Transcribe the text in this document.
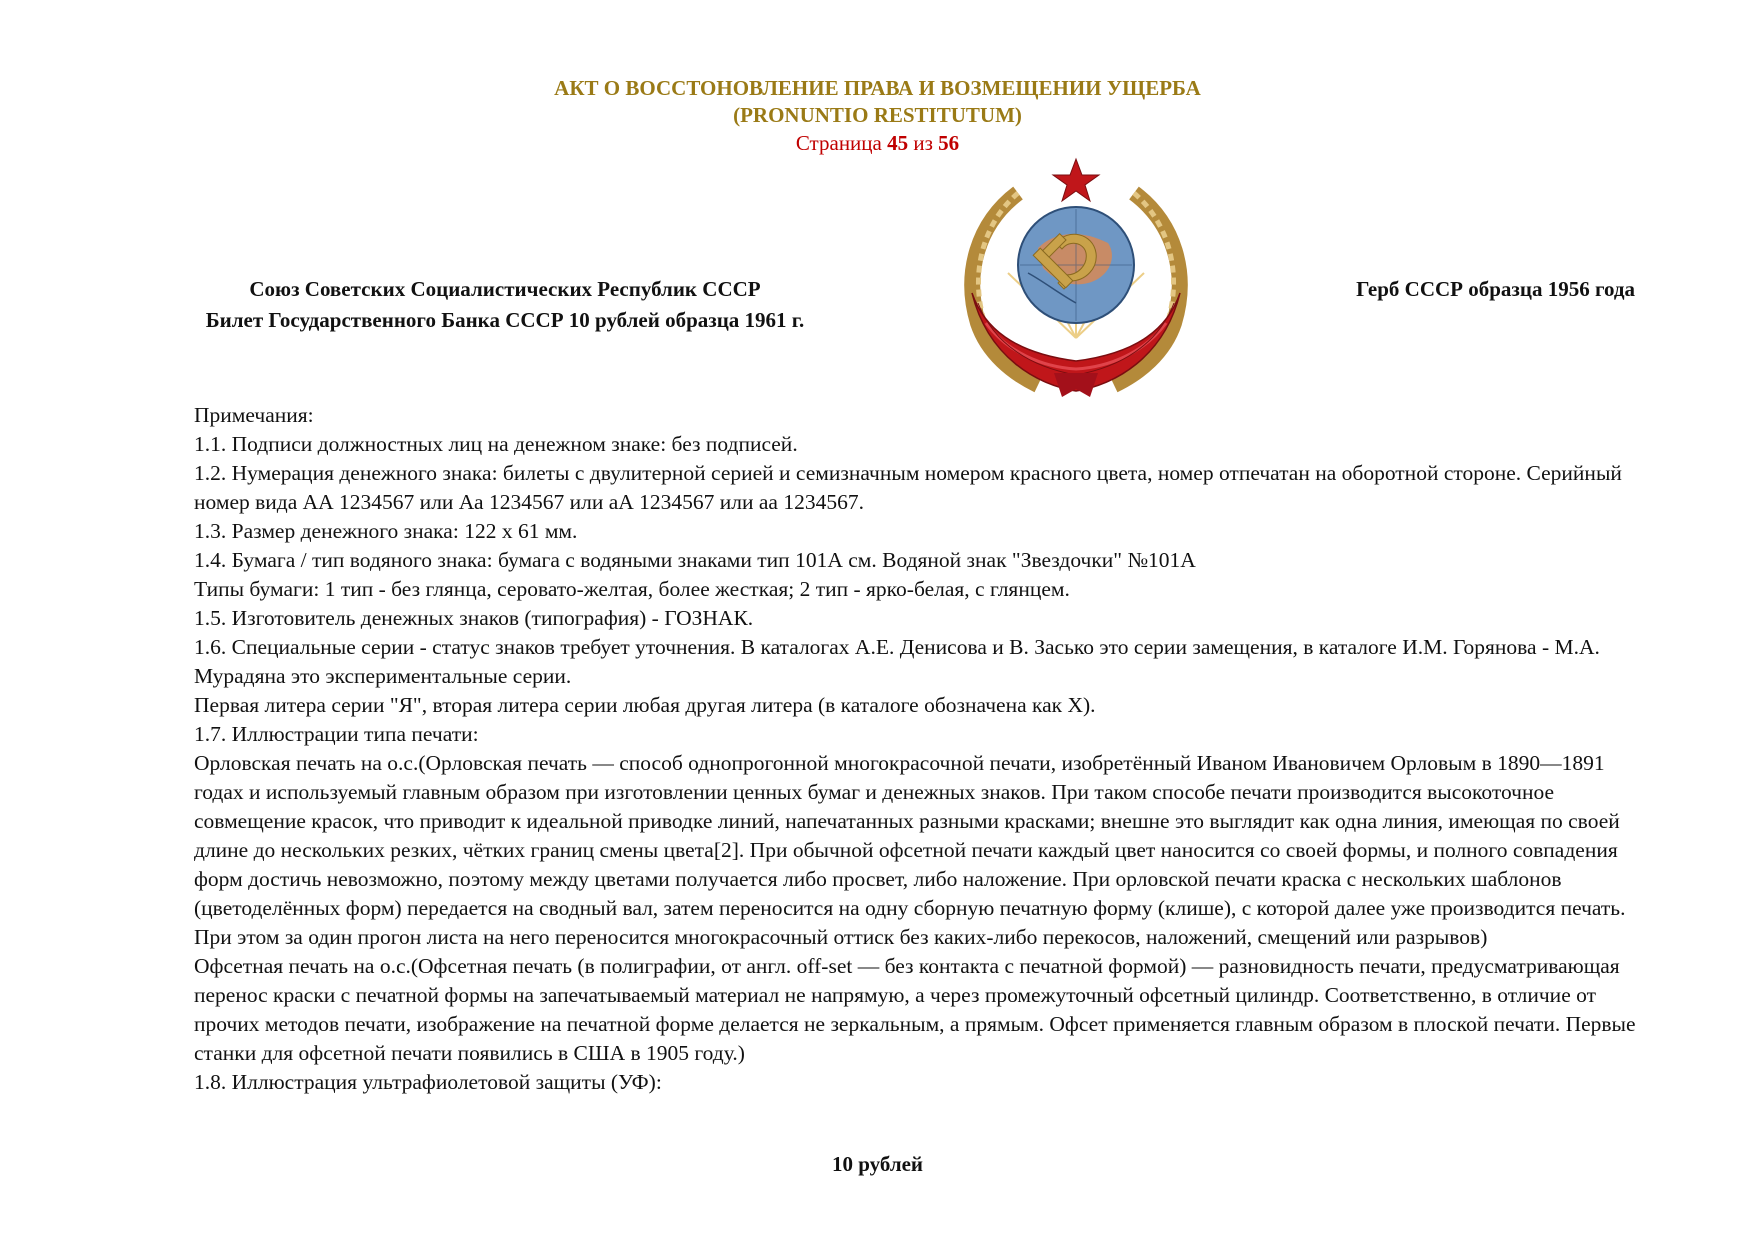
АКТ О ВОССТОНОВЛЕНИЕ ПРАВА И ВОЗМЕЩЕНИИ УЩЕРБА
(PRONUNTIO RESTITUTUM)
Страница 45 из 56
Союз Советских Социалистических Республик СССР
Билет Государственного Банка СССР 10 рублей образца 1961 г.
Герб СССР образца 1956 года
Примечания:
1.1. Подписи должностных лиц на денежном знаке: без подписей.
1.2. Нумерация денежного знака: билеты с двулитерной серией и семизначным номером красного цвета, номер отпечатан на оборотной стороне. Серийный номер вида АА 1234567 или Аа 1234567 или аА 1234567 или аа 1234567.
1.3. Размер денежного знака: 122 x 61 мм.
1.4. Бумага / тип водяного знака: бумага с водяными знаками тип 101А см. Водяной знак "Звездочки" №101А
Типы бумаги: 1 тип - без глянца, серовато-желтая, более жесткая; 2 тип - ярко-белая, с глянцем.
1.5. Изготовитель денежных знаков (типография) - ГОЗНАК.
1.6. Специальные серии - статус знаков требует уточнения. В каталогах А.Е. Денисова и В. Засько это серии замещения, в каталоге И.М. Горянова - М.А. Мурадяна это экспериментальные серии.
Первая литера серии "Я", вторая литера серии любая другая литера (в каталоге обозначена как X).
1.7. Иллюстрации типа печати:
Орловская печать на о.с.(Орловская печать — способ однопрогонной многокрасочной печати, изобретённый Иваном Ивановичем Орловым в 1890—1891 годах и используемый главным образом при изготовлении ценных бумаг и денежных знаков. При таком способе печати производится высокоточное совмещение красок, что приводит к идеальной приводке линий, напечатанных разными красками; внешне это выглядит как одна линия, имеющая по своей длине до нескольких резких, чётких границ смены цвета[2]. При обычной офсетной печати каждый цвет наносится со своей формы, и полного совпадения форм достичь невозможно, поэтому между цветами получается либо просвет, либо наложение. При орловской печати краска с нескольких шаблонов (цветоделённых форм) передается на сводный вал, затем переносится на одну сборную печатную форму (клише), с которой далее уже производится печать. При этом за один прогон листа на него переносится многокрасочный оттиск без каких-либо перекосов, наложений, смещений или разрывов)
Офсетная печать на о.с.(Офсетная печать (в полиграфии, от англ. off-set — без контакта с печатной формой) — разновидность печати, предусматривающая перенос краски с печатной формы на запечатываемый материал не напрямую, а через промежуточный офсетный цилиндр. Соответственно, в отличие от прочих методов печати, изображение на печатной форме делается не зеркальным, а прямым. Офсет применяется главным образом в плоской печати. Первые станки для офсетной печати появились в США в 1905 году.)
1.8. Иллюстрация ультрафиолетовой защиты (УФ):
10 рублей
